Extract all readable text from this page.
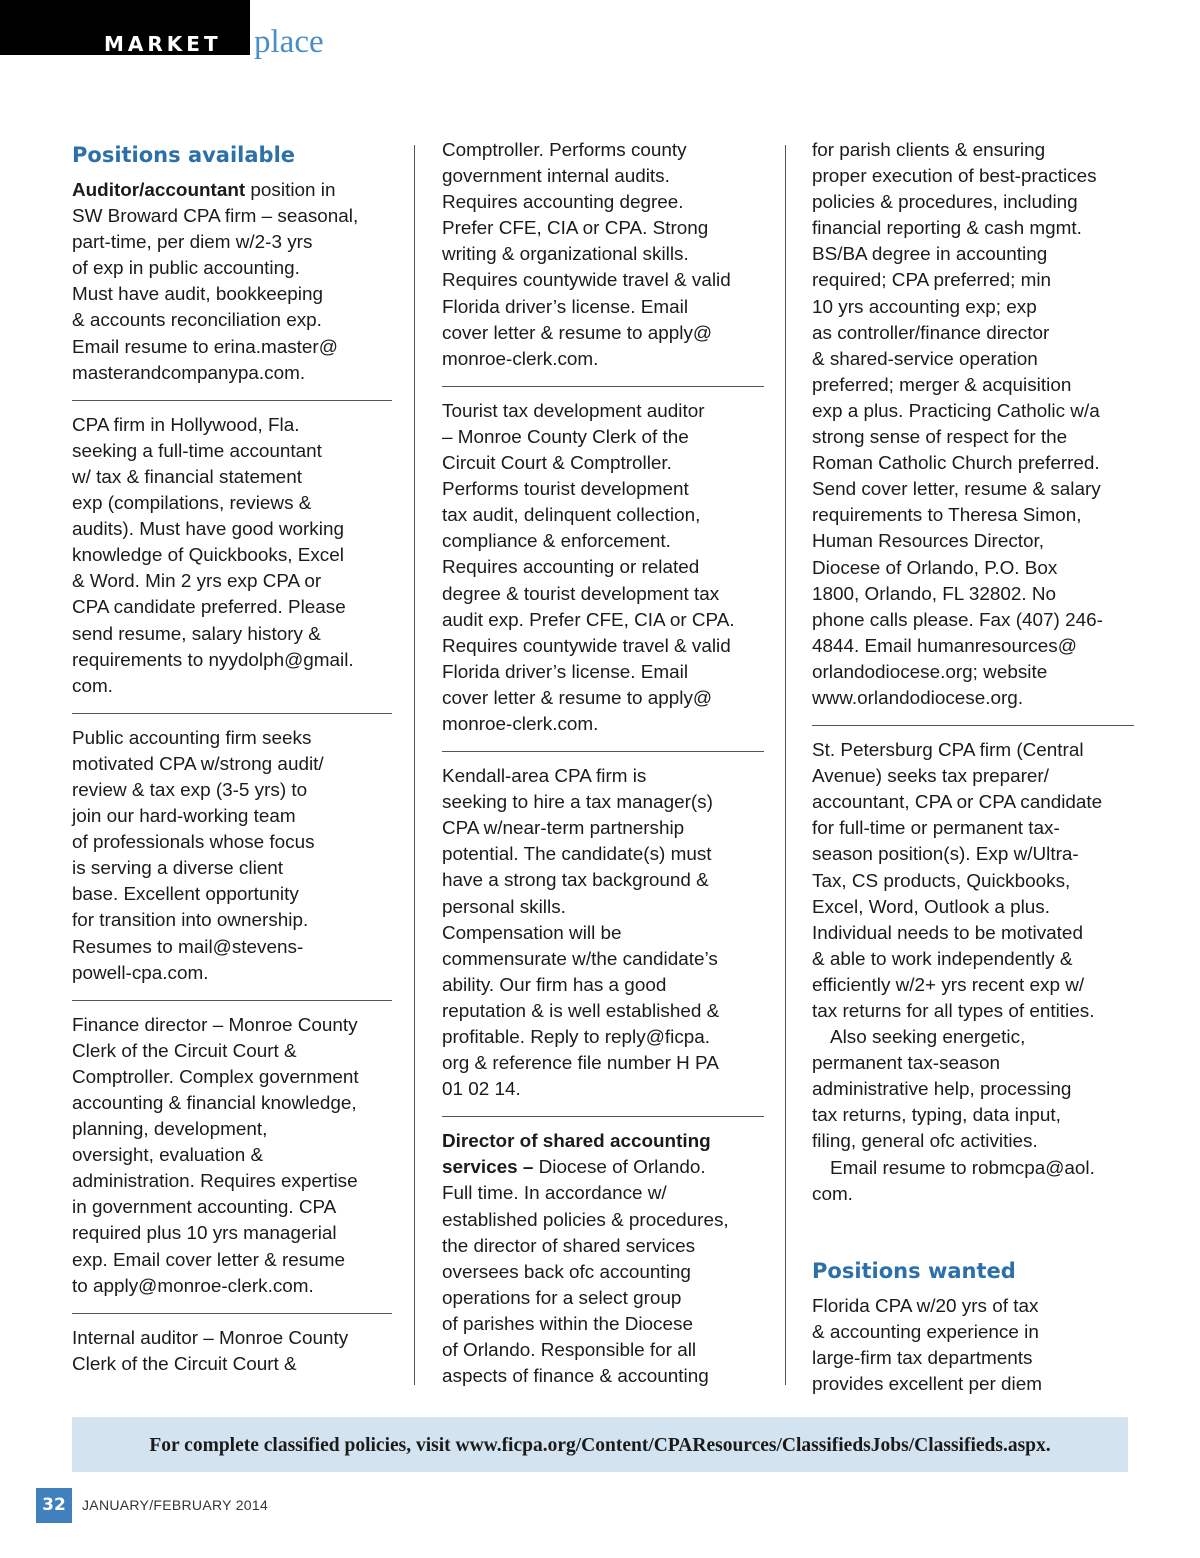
MARKET place
Positions available
Auditor/accountant position in
SW Broward CPA firm – seasonal,
part-time, per diem w/2-3 yrs
of exp in public accounting.
Must have audit, bookkeeping
& accounts reconciliation exp.
Email resume to erina.master@
masterandcompanypa.com.
CPA firm in Hollywood, Fla.
seeking a full-time accountant
w/ tax & financial statement
exp (compilations, reviews &
audits). Must have good working
knowledge of Quickbooks, Excel
& Word. Min 2 yrs exp CPA or
CPA candidate preferred. Please
send resume, salary history &
requirements to nyydolph@gmail.
com.
Public accounting firm seeks
motivated CPA w/strong audit/
review & tax exp (3-5 yrs) to
join our hard-working team
of professionals whose focus
is serving a diverse client
base. Excellent opportunity
for transition into ownership.
Resumes to mail@stevens-
powell-cpa.com.
Finance director – Monroe County
Clerk of the Circuit Court &
Comptroller. Complex government
accounting & financial knowledge,
planning, development,
oversight, evaluation &
administration. Requires expertise
in government accounting. CPA
required plus 10 yrs managerial
exp. Email cover letter & resume
to apply@monroe-clerk.com.
Internal auditor – Monroe County
Clerk of the Circuit Court &
Comptroller. Performs county
government internal audits.
Requires accounting degree.
Prefer CFE, CIA or CPA. Strong
writing & organizational skills.
Requires countywide travel & valid
Florida driver’s license. Email
cover letter & resume to apply@
monroe-clerk.com.
Tourist tax development auditor
– Monroe County Clerk of the
Circuit Court & Comptroller.
Performs tourist development
tax audit, delinquent collection,
compliance & enforcement.
Requires accounting or related
degree & tourist development tax
audit exp. Prefer CFE, CIA or CPA.
Requires countywide travel & valid
Florida driver’s license. Email
cover letter & resume to apply@
monroe-clerk.com.
Kendall-area CPA firm is
seeking to hire a tax manager(s)
CPA w/near-term partnership
potential. The candidate(s) must
have a strong tax background &
personal skills.
Compensation will be
commensurate w/the candidate’s
ability. Our firm has a good
reputation & is well established &
profitable. Reply to reply@ficpa.
org & reference file number H PA
01 02 14.
Director of shared accounting
services – Diocese of Orlando.
Full time. In accordance w/
established policies & procedures,
the director of shared services
oversees back ofc accounting
operations for a select group
of parishes within the Diocese
of Orlando. Responsible for all
aspects of finance & accounting
for parish clients & ensuring
proper execution of best-practices
policies & procedures, including
financial reporting & cash mgmt.
BS/BA degree in accounting
required; CPA preferred; min
10 yrs accounting exp; exp
as controller/finance director
& shared-service operation
preferred; merger & acquisition
exp a plus. Practicing Catholic w/a
strong sense of respect for the
Roman Catholic Church preferred.
Send cover letter, resume & salary
requirements to Theresa Simon,
Human Resources Director,
Diocese of Orlando, P.O. Box
1800, Orlando, FL 32802. No
phone calls please. Fax (407) 246-
4844. Email humanresources@
orlandodiocese.org; website
www.orlandodiocese.org.
St. Petersburg CPA firm (Central
Avenue) seeks tax preparer/
accountant, CPA or CPA candidate
for full-time or permanent tax-
season position(s). Exp w/Ultra-
Tax, CS products, Quickbooks,
Excel, Word, Outlook a plus.
Individual needs to be motivated
& able to work independently &
efficiently w/2+ yrs recent exp w/
tax returns for all types of entities.
Also seeking energetic,
permanent tax-season
administrative help, processing
tax returns, typing, data input,
filing, general ofc activities.
Email resume to robmcpa@aol.
com.
Positions wanted
Florida CPA w/20 yrs of tax
& accounting experience in
large-firm tax departments
provides excellent per diem
For complete classified policies, visit www.ficpa.org/Content/CPAResources/ClassifiedsJobs/Classifieds.aspx.
32	JANUARY/FEBRUARY 2014
